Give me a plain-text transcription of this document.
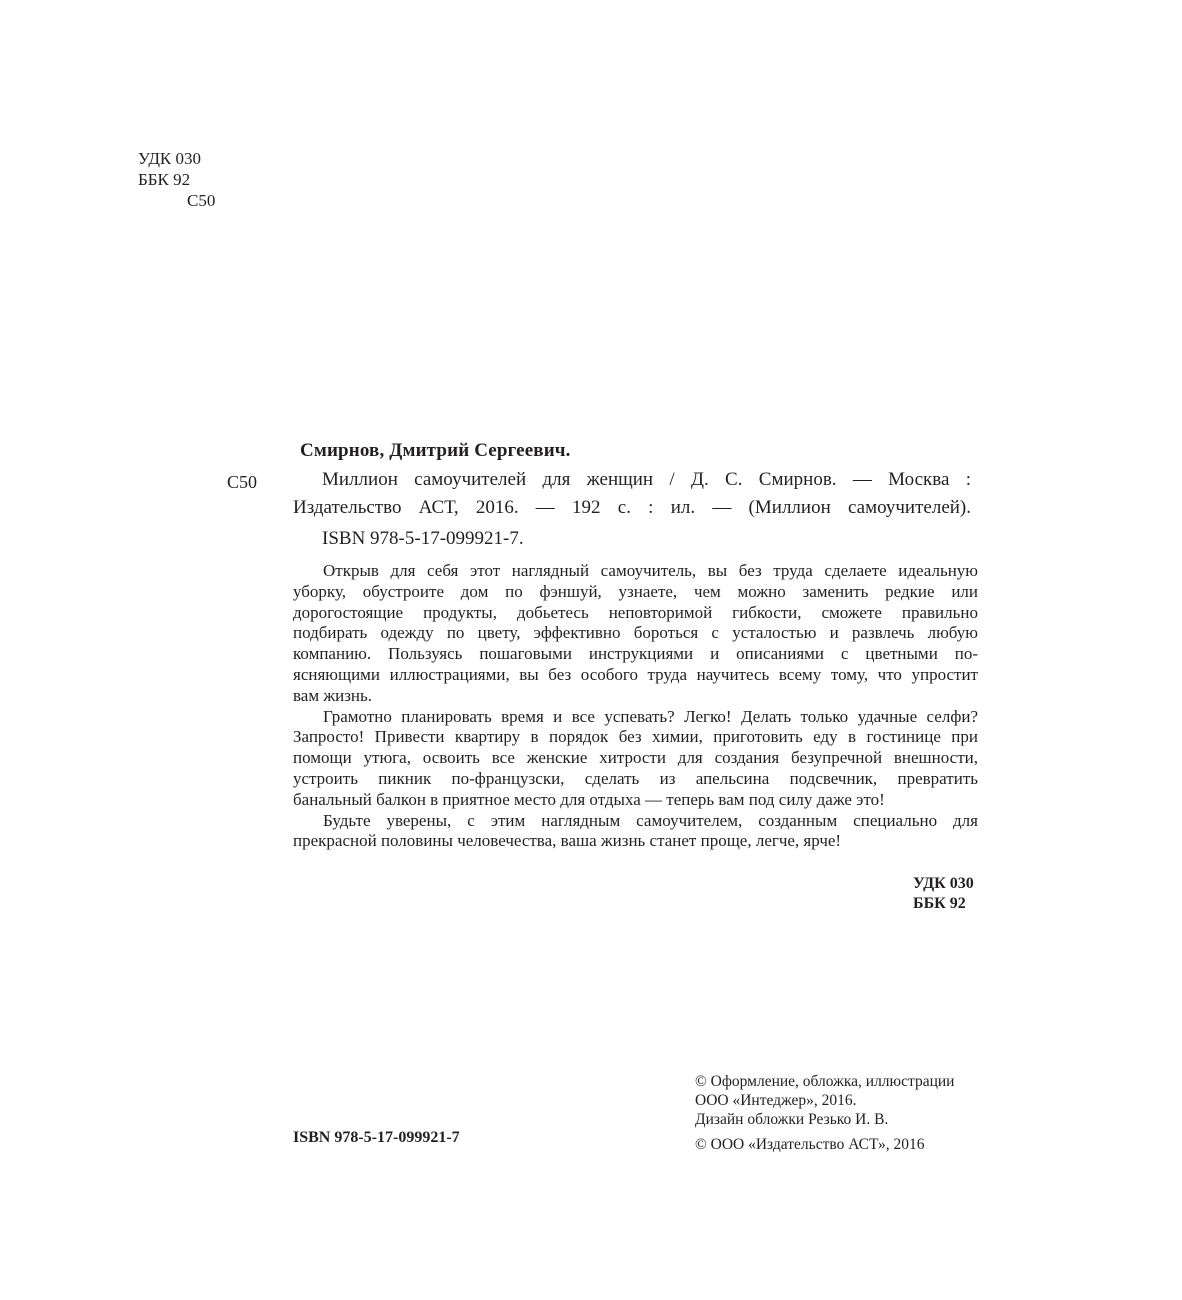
УДК 030
ББК 92
С50
Смирнов, Дмитрий Сергеевич.
С50	Миллион самоучителей для женщин / Д. С. Смирнов. — Москва :
Издательство АСТ, 2016. — 192 с. : ил. — (Миллион самоучителей).
ISBN 978-5-17-099921-7.

Открыв для себя этот наглядный самоучитель, вы без труда сделаете идеальную
уборку, обустроите дом по фэншуй, узнаете, чем можно заменить редкие или
дорогостоящие продукты, добьетесь неповторимой гибкости, сможете правильно
подбирать одежду по цвету, эффективно бороться с усталостью и развлечь любую
компанию. Пользуясь пошаговыми инструкциями и описаниями с цветными по-
ясняющими иллюстрациями, вы без особого труда научитесь всему тому, что упростит
вам жизнь.

Грамотно планировать время и все успевать? Легко! Делать только удачные селфи?
Запросто! Привести квартиру в порядок без химии, приготовить еду в гостинице при
помощи утюга, освоить все женские хитрости для создания безупречной внешности,
устроить пикник по-французски, сделать из апельсина подсвечник, превратить
банальный балкон в приятное место для отдыха — теперь вам под силу даже это!

Будьте уверены, с этим наглядным самоучителем, созданным специально для
прекрасной половины человечества, ваша жизнь станет проще, легче, ярче!

УДК 030
ББК 92
© Оформление, обложка, иллюстрации
ООО «Интеджер», 2016.
Дизайн обложки Резько И. В.
© ООО «Издательство АСТ», 2016
ISBN 978-5-17-099921-7
